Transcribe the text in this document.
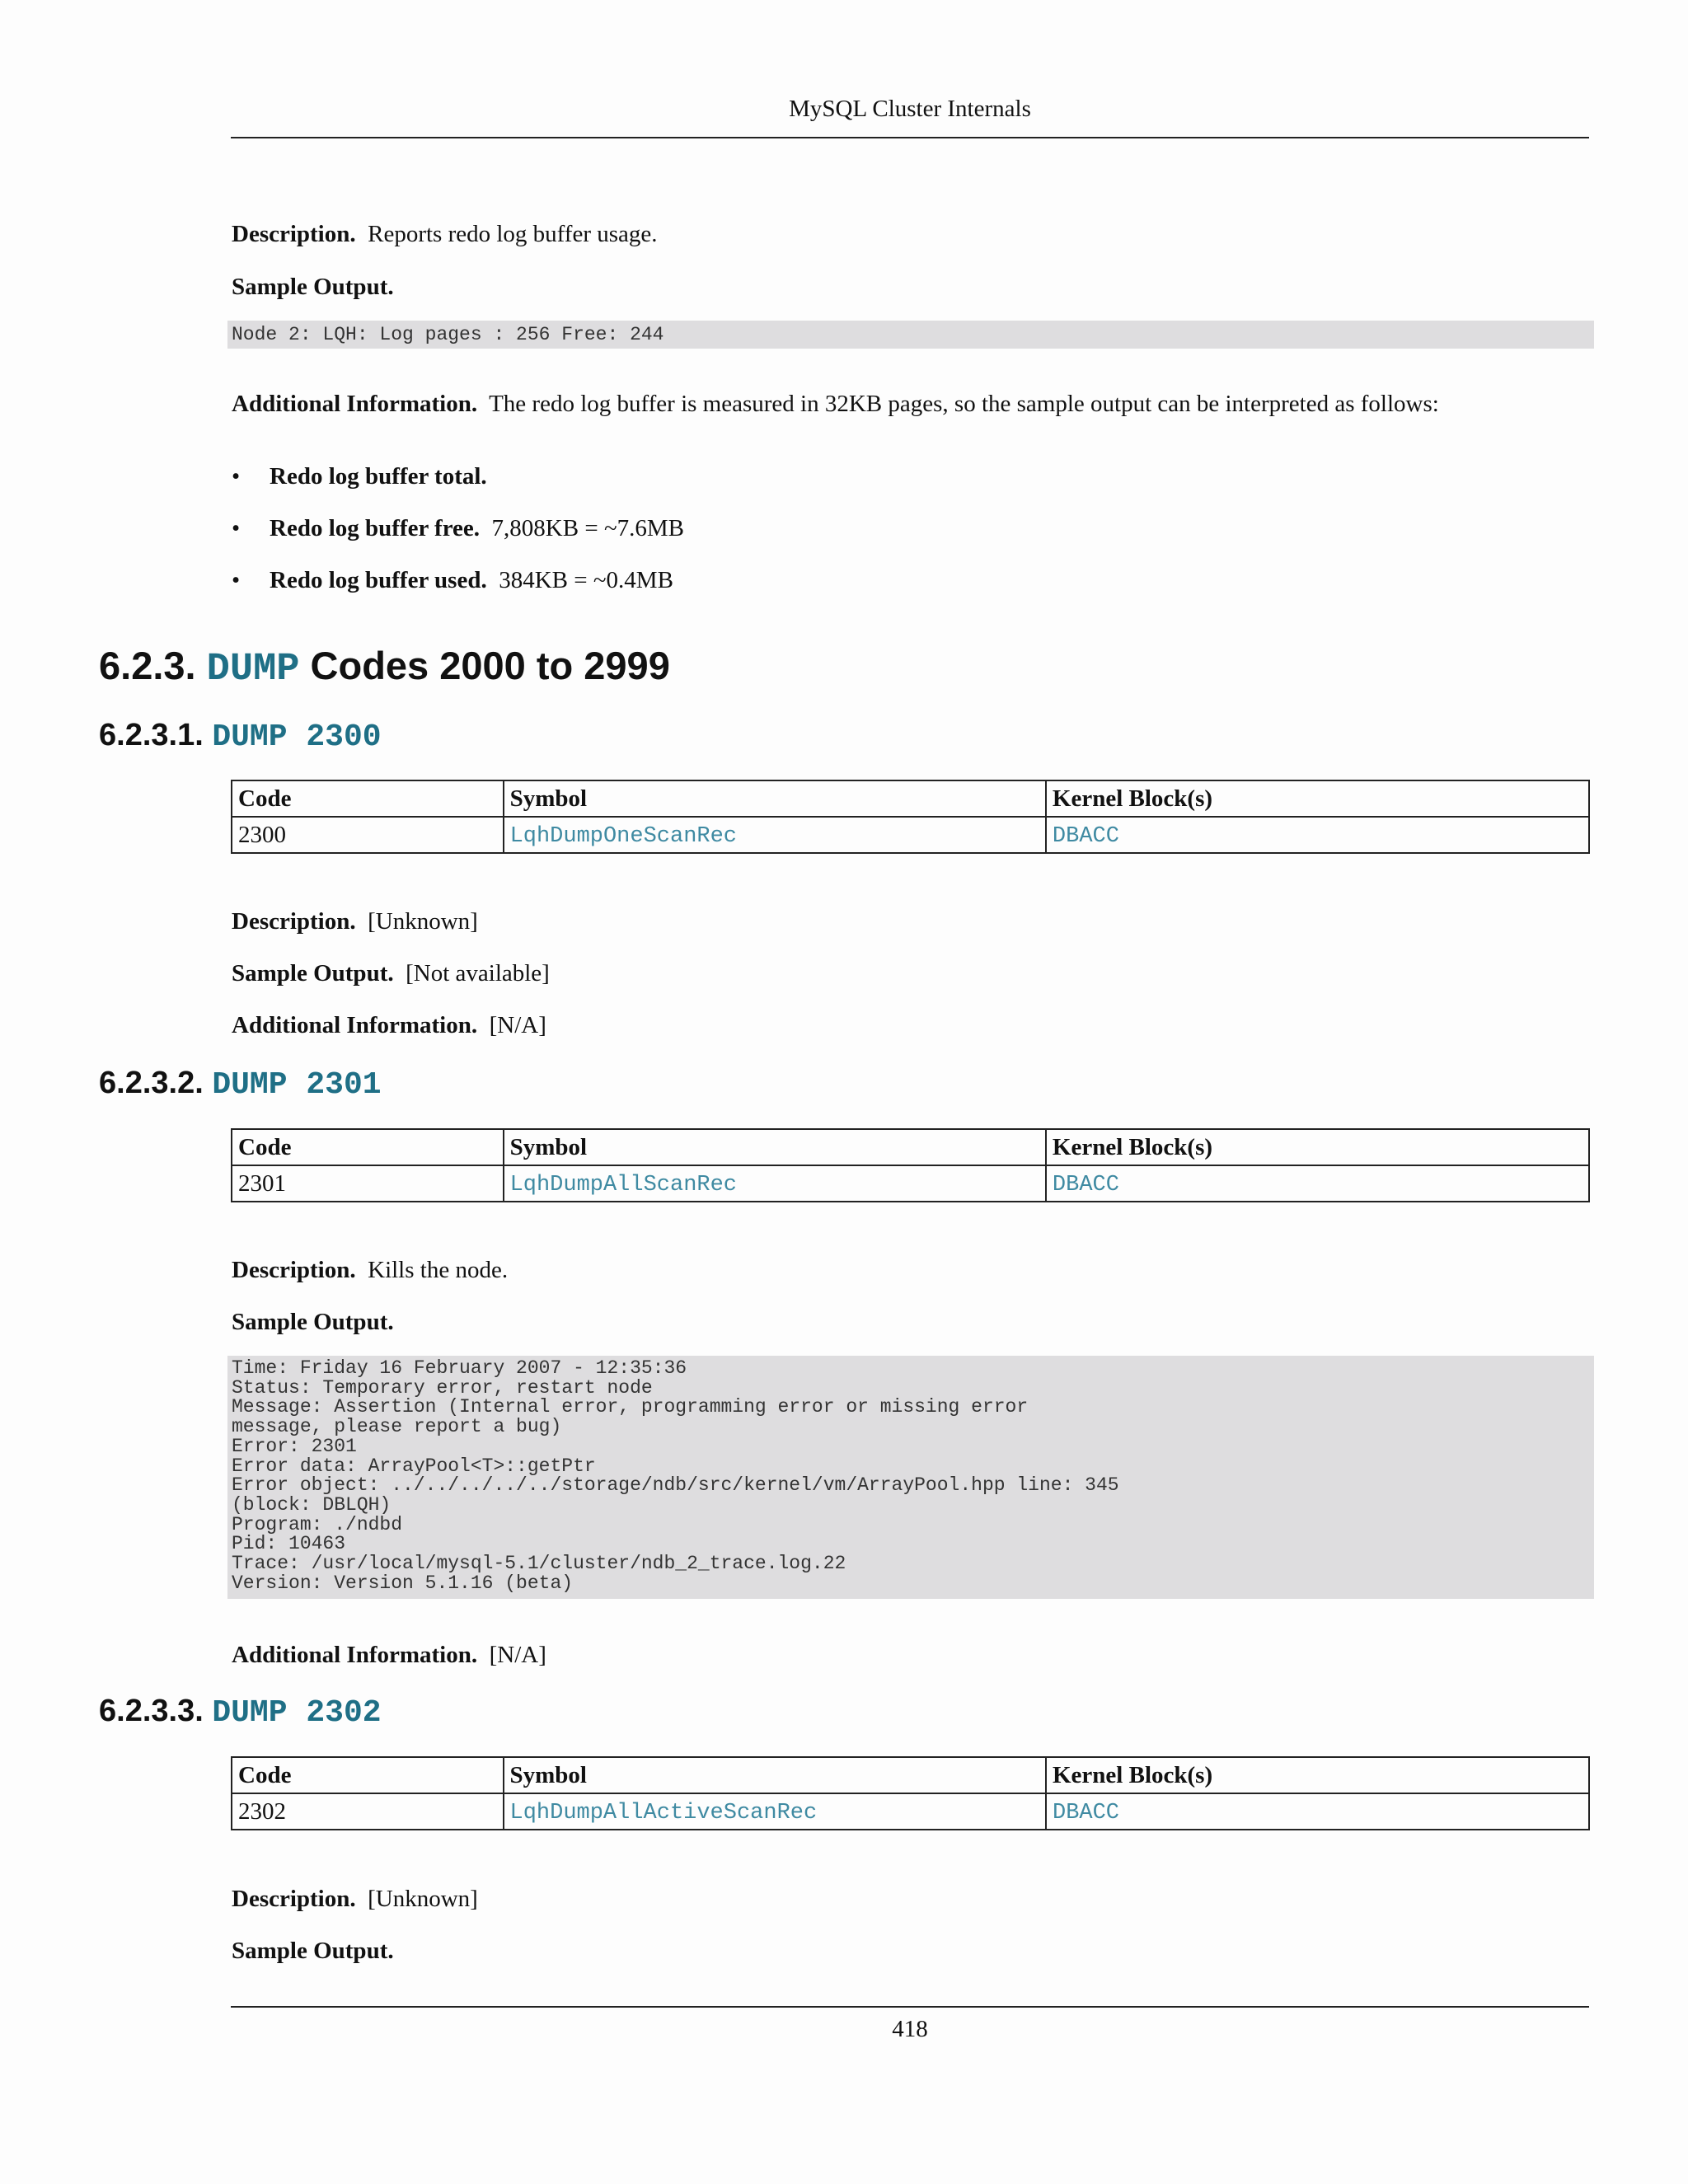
MySQL Cluster Internals
Description. Reports redo log buffer usage.
Sample Output.
Node 2: LQH: Log pages : 256 Free: 244
Additional Information. The redo log buffer is measured in 32KB pages, so the sample output can be interpreted as follows:
• Redo log buffer total.
• Redo log buffer free. 7,808KB = ~7.6MB
• Redo log buffer used. 384KB = ~0.4MB
6.2.3. DUMP Codes 2000 to 2999
6.2.3.1. DUMP 2300
Code	Symbol	Kernel Block(s)
2300	LqhDumpOneScanRec	DBACC
Description. [Unknown]
Sample Output. [Not available]
Additional Information. [N/A]
6.2.3.2. DUMP 2301
Code	Symbol	Kernel Block(s)
2301	LqhDumpAllScanRec	DBACC
Description. Kills the node.
Sample Output.
Time: Friday 16 February 2007 - 12:35:36
Status: Temporary error, restart node
Message: Assertion (Internal error, programming error or missing error
message, please report a bug)
Error: 2301
Error data: ArrayPool<T>::getPtr
Error object: ../../../../../storage/ndb/src/kernel/vm/ArrayPool.hpp line: 345
(block: DBLQH)
Program: ./ndbd
Pid: 10463
Trace: /usr/local/mysql-5.1/cluster/ndb_2_trace.log.22
Version: Version 5.1.16 (beta)
Additional Information. [N/A]
6.2.3.3. DUMP 2302
Code	Symbol	Kernel Block(s)
2302	LqhDumpAllActiveScanRec	DBACC
Description. [Unknown]
Sample Output.
418
